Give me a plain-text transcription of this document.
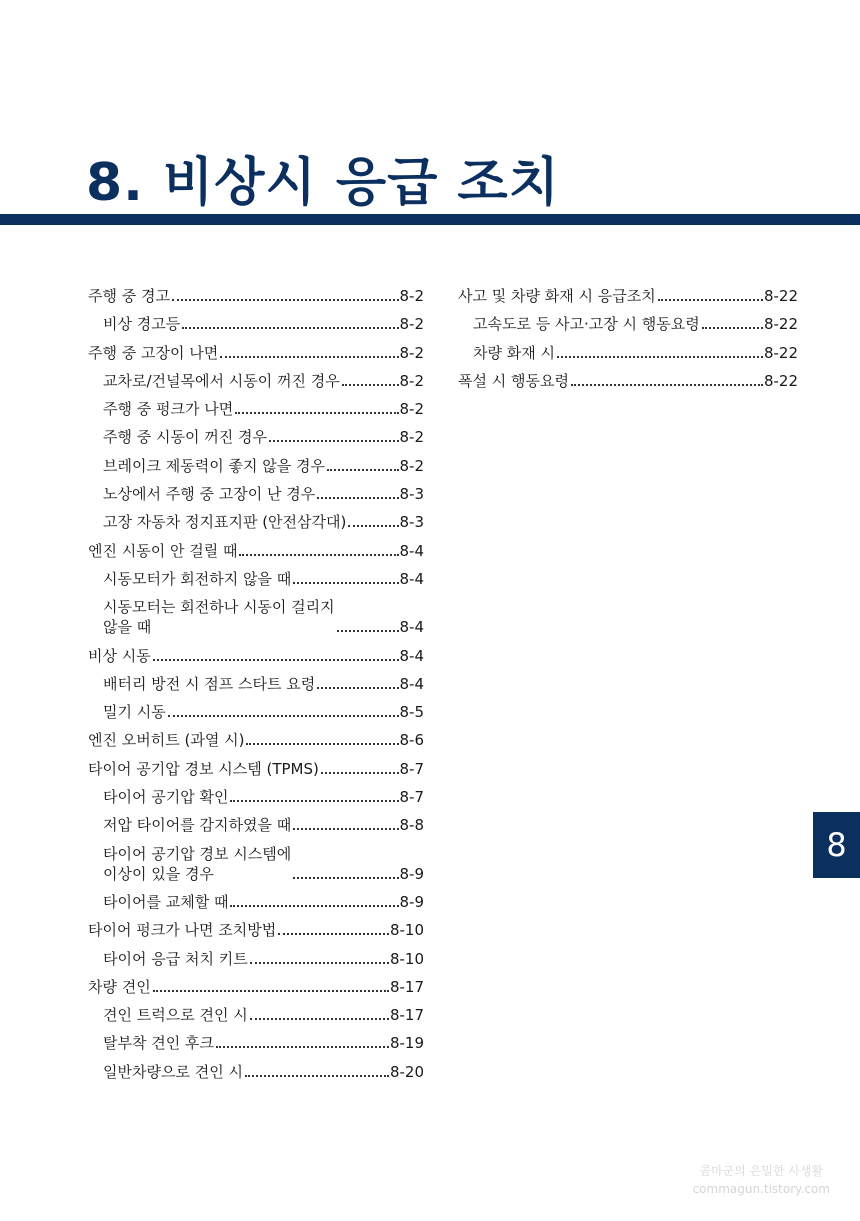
8. 비상시 응급 조치
주행 중 경고	8-2
비상 경고등	8-2
주행 중 고장이 나면	8-2
교차로/건널목에서 시동이 꺼진 경우	8-2
주행 중 펑크가 나면	8-2
주행 중 시동이 꺼진 경우	8-2
브레이크 제동력이 좋지 않을 경우	8-2
노상에서 주행 중 고장이 난 경우	8-3
고장 자동차 정지표지판 (안전삼각대)	8-3
엔진 시동이 안 걸릴 때	8-4
시동모터가 회전하지 않을 때	8-4
시동모터는 회전하나 시동이 걸리지
않을 때	8-4
비상 시동	8-4
배터리 방전 시 점프 스타트 요령	8-4
밀기 시동	8-5
엔진 오버히트 (과열 시)	8-6
타이어 공기압 경보 시스템 (TPMS)	8-7
타이어 공기압 확인	8-7
저압 타이어를 감지하였을 때	8-8
타이어 공기압 경보 시스템에
이상이 있을 경우	8-9
타이어를 교체할 때	8-9
타이어 펑크가 나면 조치방법	8-10
타이어 응급 처치 키트	8-10
차량 견인	8-17
견인 트럭으로 견인 시	8-17
탈부착 견인 후크	8-19
일반차량으로 견인 시	8-20
사고 및 차량 화재 시 응급조치	8-22
고속도로 등 사고·고장 시 행동요령	8-22
차량 화재 시	8-22
폭설 시 행동요령	8-22
8
콤마군의 은밀한 사생활
commagun.tistory.com
